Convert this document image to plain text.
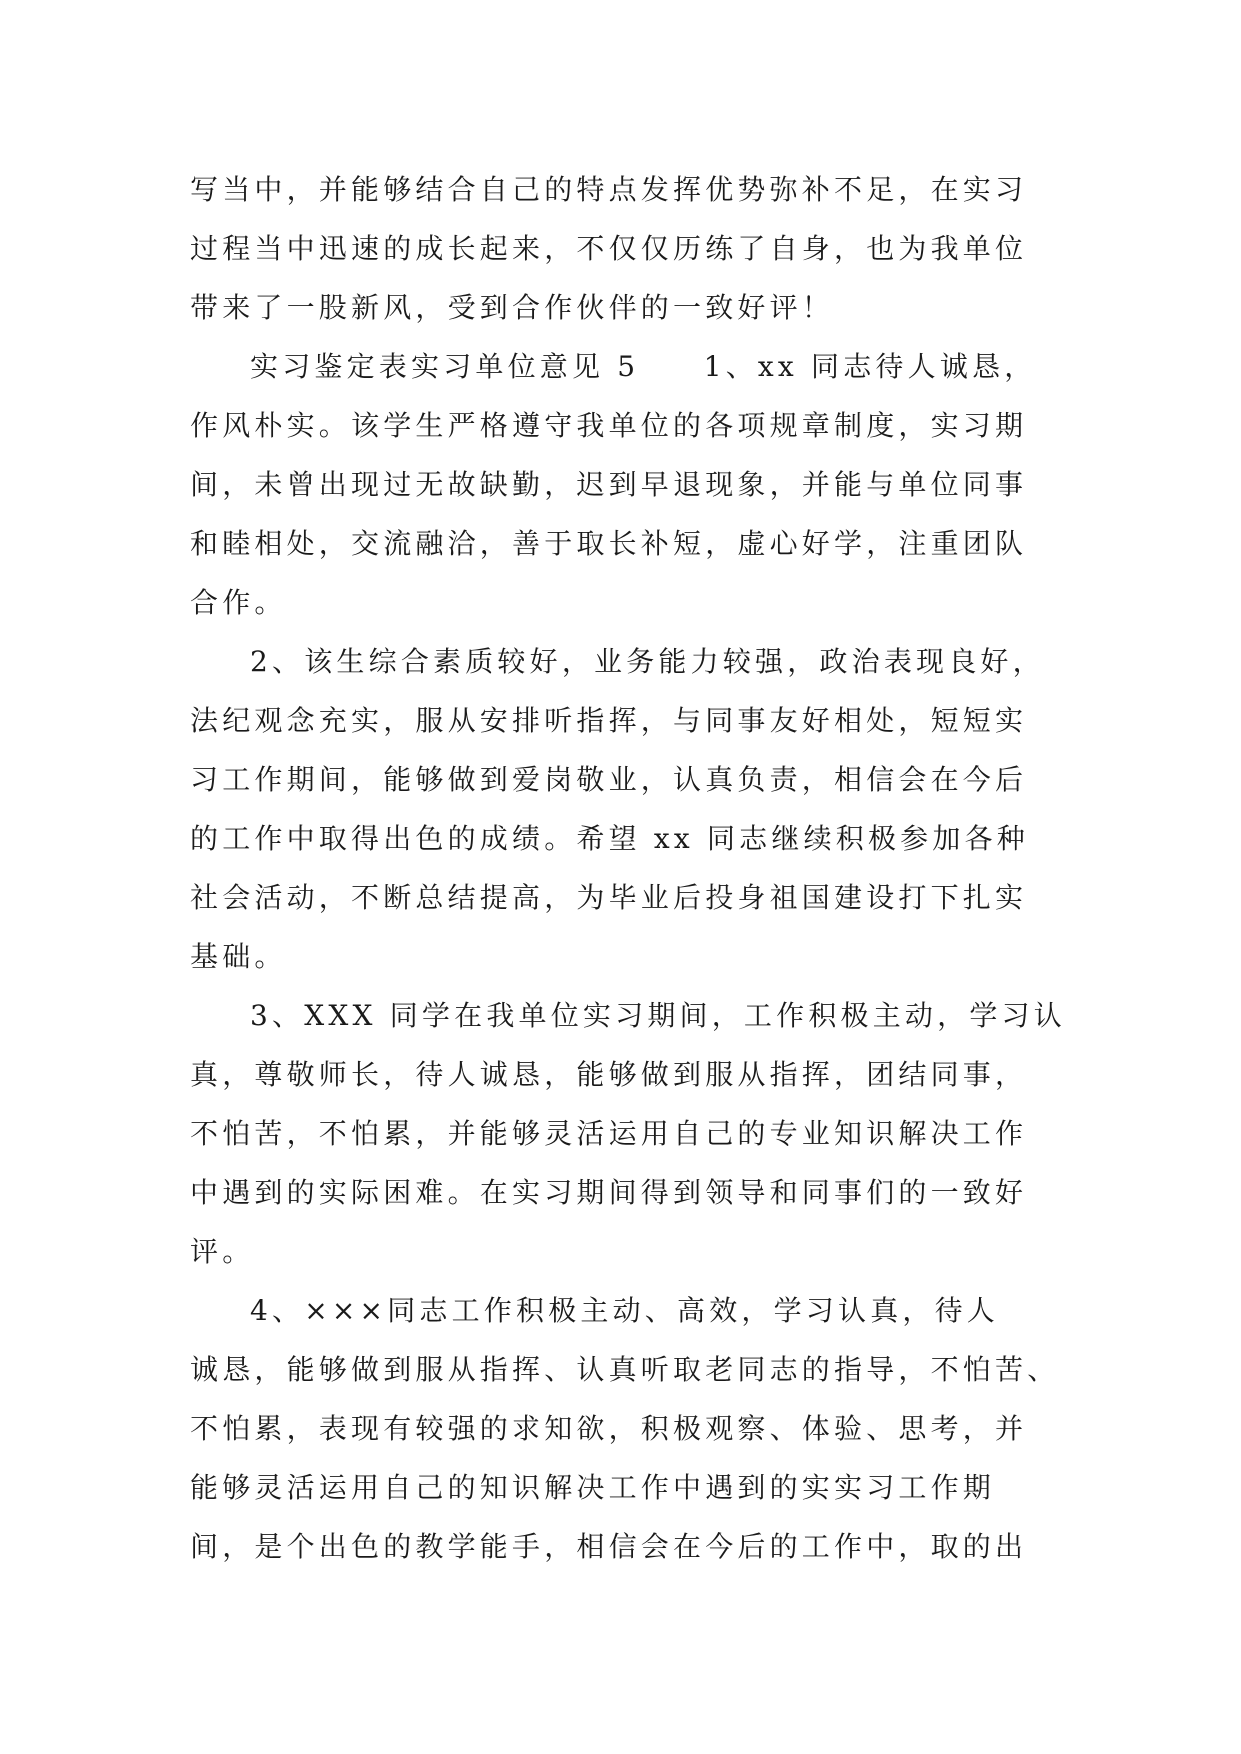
写当中，并能够结合自己的特点发挥优势弥补不足，在实习
过程当中迅速的成长起来，不仅仅历练了自身，也为我单位
带来了一股新风，受到合作伙伴的一致好评！
实习鉴定表实习单位意见 5　　1、xx 同志待人诚恳，
作风朴实。该学生严格遵守我单位的各项规章制度，实习期
间，未曾出现过无故缺勤，迟到早退现象，并能与单位同事
和睦相处，交流融洽，善于取长补短，虚心好学，注重团队
合作。
2、该生综合素质较好，业务能力较强，政治表现良好，
法纪观念充实，服从安排听指挥，与同事友好相处，短短实
习工作期间，能够做到爱岗敬业，认真负责，相信会在今后
的工作中取得出色的成绩。希望 xx 同志继续积极参加各种
社会活动，不断总结提高，为毕业后投身祖国建设打下扎实
基础。
3、XXX 同学在我单位实习期间，工作积极主动，学习认
真，尊敬师长，待人诚恳，能够做到服从指挥，团结同事，
不怕苦，不怕累，并能够灵活运用自己的专业知识解决工作
中遇到的实际困难。在实习期间得到领导和同事们的一致好
评。
4、×××同志工作积极主动、高效，学习认真，待人
诚恳，能够做到服从指挥、认真听取老同志的指导，不怕苦、
不怕累，表现有较强的求知欲，积极观察、体验、思考，并
能够灵活运用自己的知识解决工作中遇到的实实习工作期
间，是个出色的教学能手，相信会在今后的工作中，取的出
